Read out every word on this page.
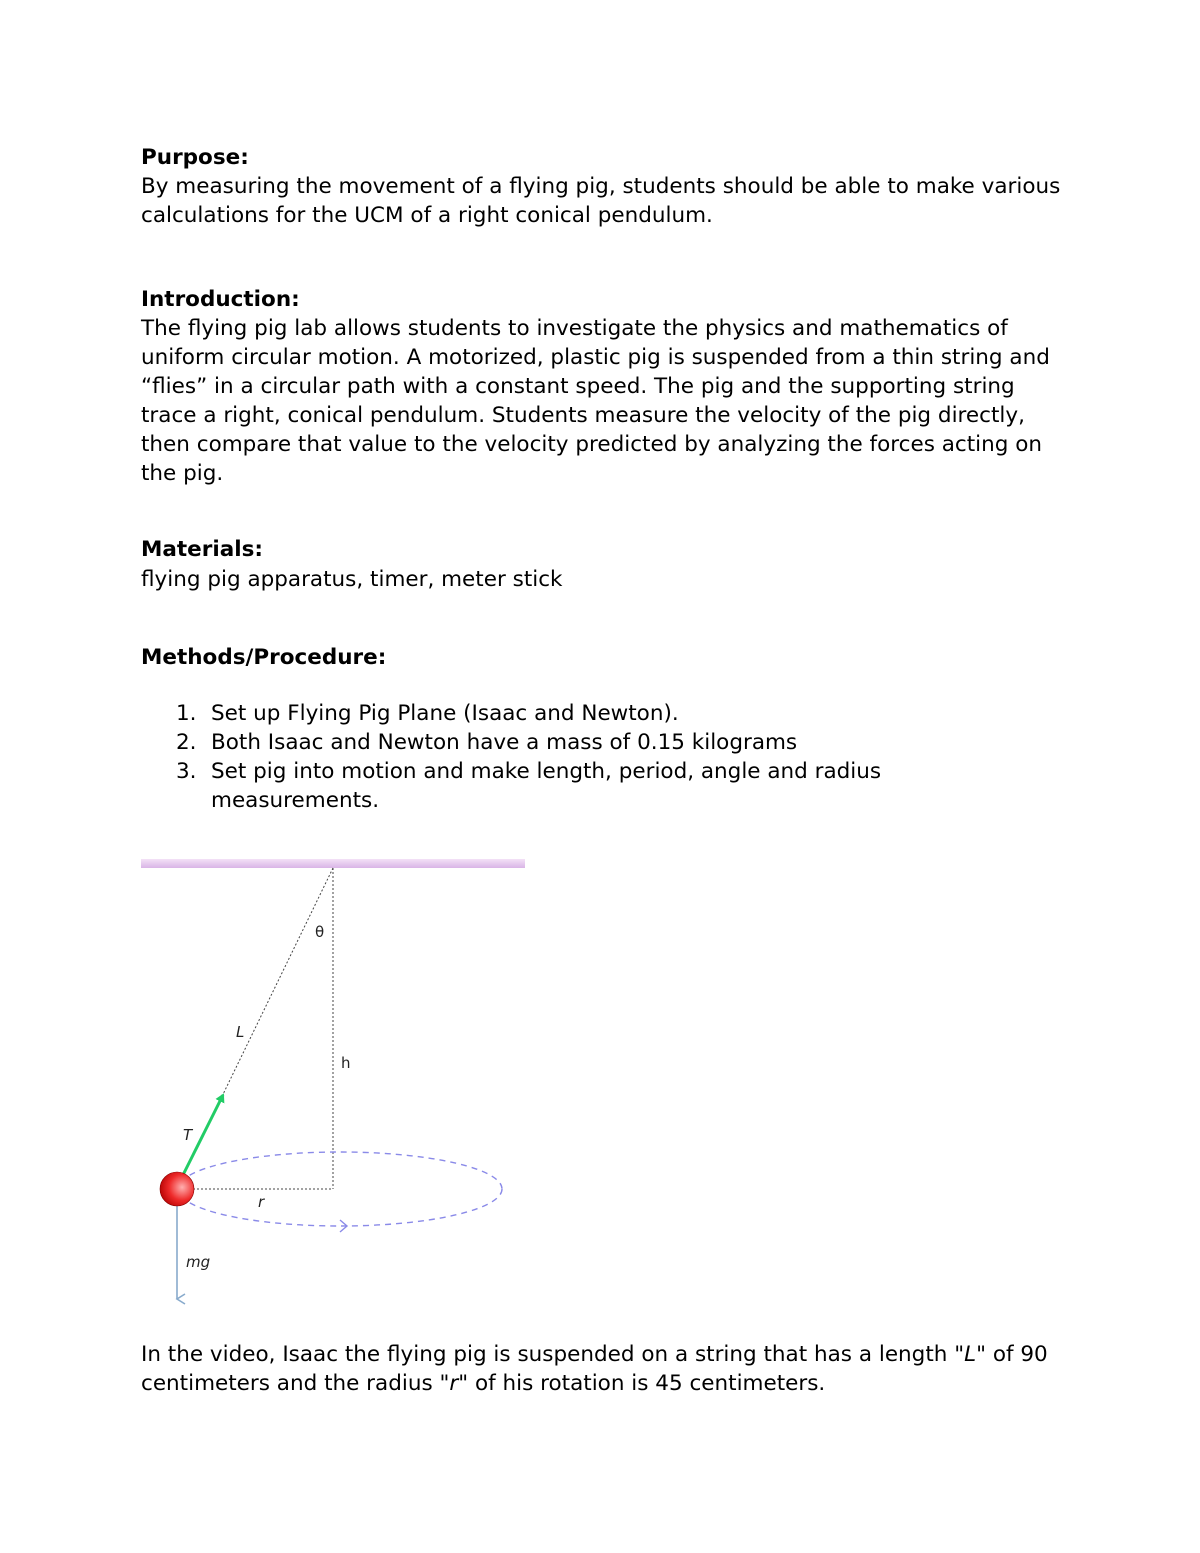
Purpose:

By measuring the movement of a flying pig, students should be able to make various calculations for the UCM of a right conical pendulum.

Introduction:

The flying pig lab allows students to investigate the physics and mathematics of uniform circular motion. A motorized, plastic pig is suspended from a thin string and “flies” in a circular path with a constant speed. The pig and the supporting string trace a right, conical pendulum. Students measure the velocity of the pig directly, then compare that value to the velocity predicted by analyzing the forces acting on the pig.

Materials:

flying pig apparatus, timer, meter stick

Methods/Procedure:

1. Set up Flying Pig Plane (Isaac and Newton).
2. Both Isaac and Newton have a mass of 0.15 kilograms
3. Set pig into motion and make length, period, angle and radius measurements.

In the video, Isaac the flying pig is suspended on a string that has a length "L" of 90 centimeters and the radius "r" of his rotation is 45 centimeters.

θ
L
h
T
r
mg
